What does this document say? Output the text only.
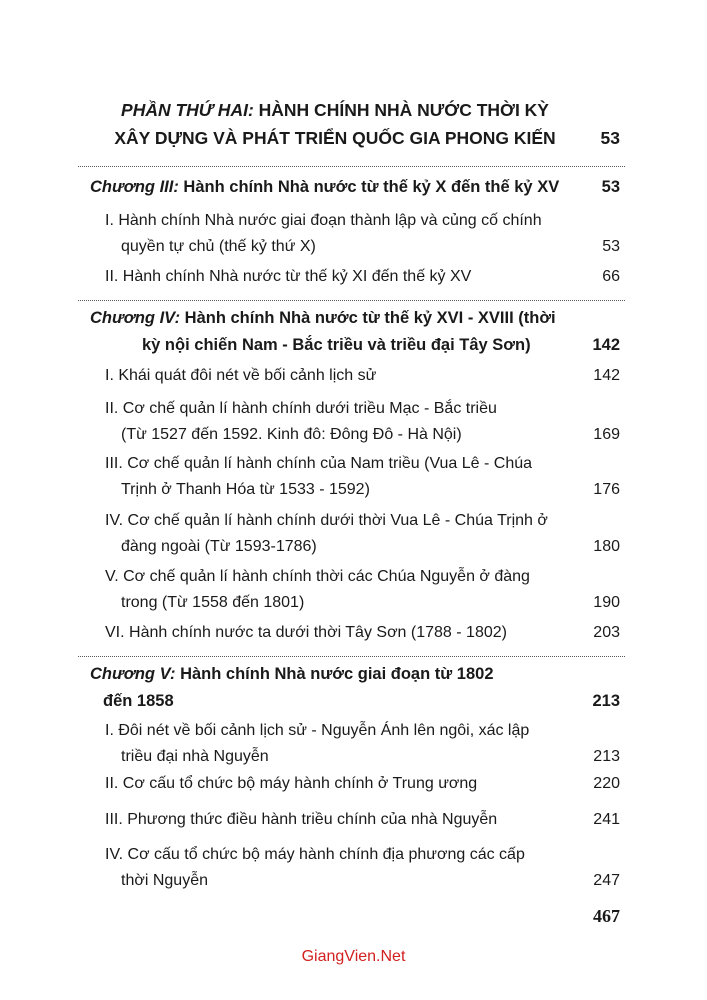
PHẦN THỨ HAI: HÀNH CHÍNH NHÀ NƯỚC THỜI KỲ
XÂY DỰNG VÀ PHÁT TRIỂN QUỐC GIA PHONG KIẾN	53
Chương III: Hành chính Nhà nước từ thế kỷ X đến thế kỷ XV	53
I. Hành chính Nhà nước giai đoạn thành lập và củng cố chính
quyền tự chủ (thế kỷ thứ X)	53
II. Hành chính Nhà nước từ thế kỷ XI đến thế kỷ XV	66
Chương IV: Hành chính Nhà nước từ thế kỷ XVI - XVIII (thời
kỳ nội chiến Nam - Bắc triều và triều đại Tây Sơn)	142
I. Khái quát đôi nét về bối cảnh lịch sử	142
II. Cơ chế quản lí hành chính dưới triều Mạc - Bắc triều
(Từ 1527 đến 1592. Kinh đô: Đông Đô - Hà Nội)	169
III. Cơ chế quản lí hành chính của Nam triều (Vua Lê - Chúa
Trịnh ở Thanh Hóa từ 1533 - 1592)	176
IV. Cơ chế quản lí hành chính dưới thời Vua Lê - Chúa Trịnh ở
đàng ngoài (Từ 1593-1786)	180
V. Cơ chế quản lí hành chính thời các Chúa Nguyễn ở đàng
trong (Từ 1558 đến 1801)	190
VI. Hành chính nước ta dưới thời Tây Sơn (1788 - 1802)	203
Chương V: Hành chính Nhà nước giai đoạn từ 1802
đến 1858	213
I. Đôi nét về bối cảnh lịch sử - Nguyễn Ánh lên ngôi, xác lập
triều đại nhà Nguyễn	213
II. Cơ cấu tổ chức bộ máy hành chính ở Trung ương	220
III. Phương thức điều hành triều chính của nhà Nguyễn	241
IV. Cơ cấu tổ chức bộ máy hành chính địa phương các cấp
thời Nguyễn	247
467
GiangVien.Net
